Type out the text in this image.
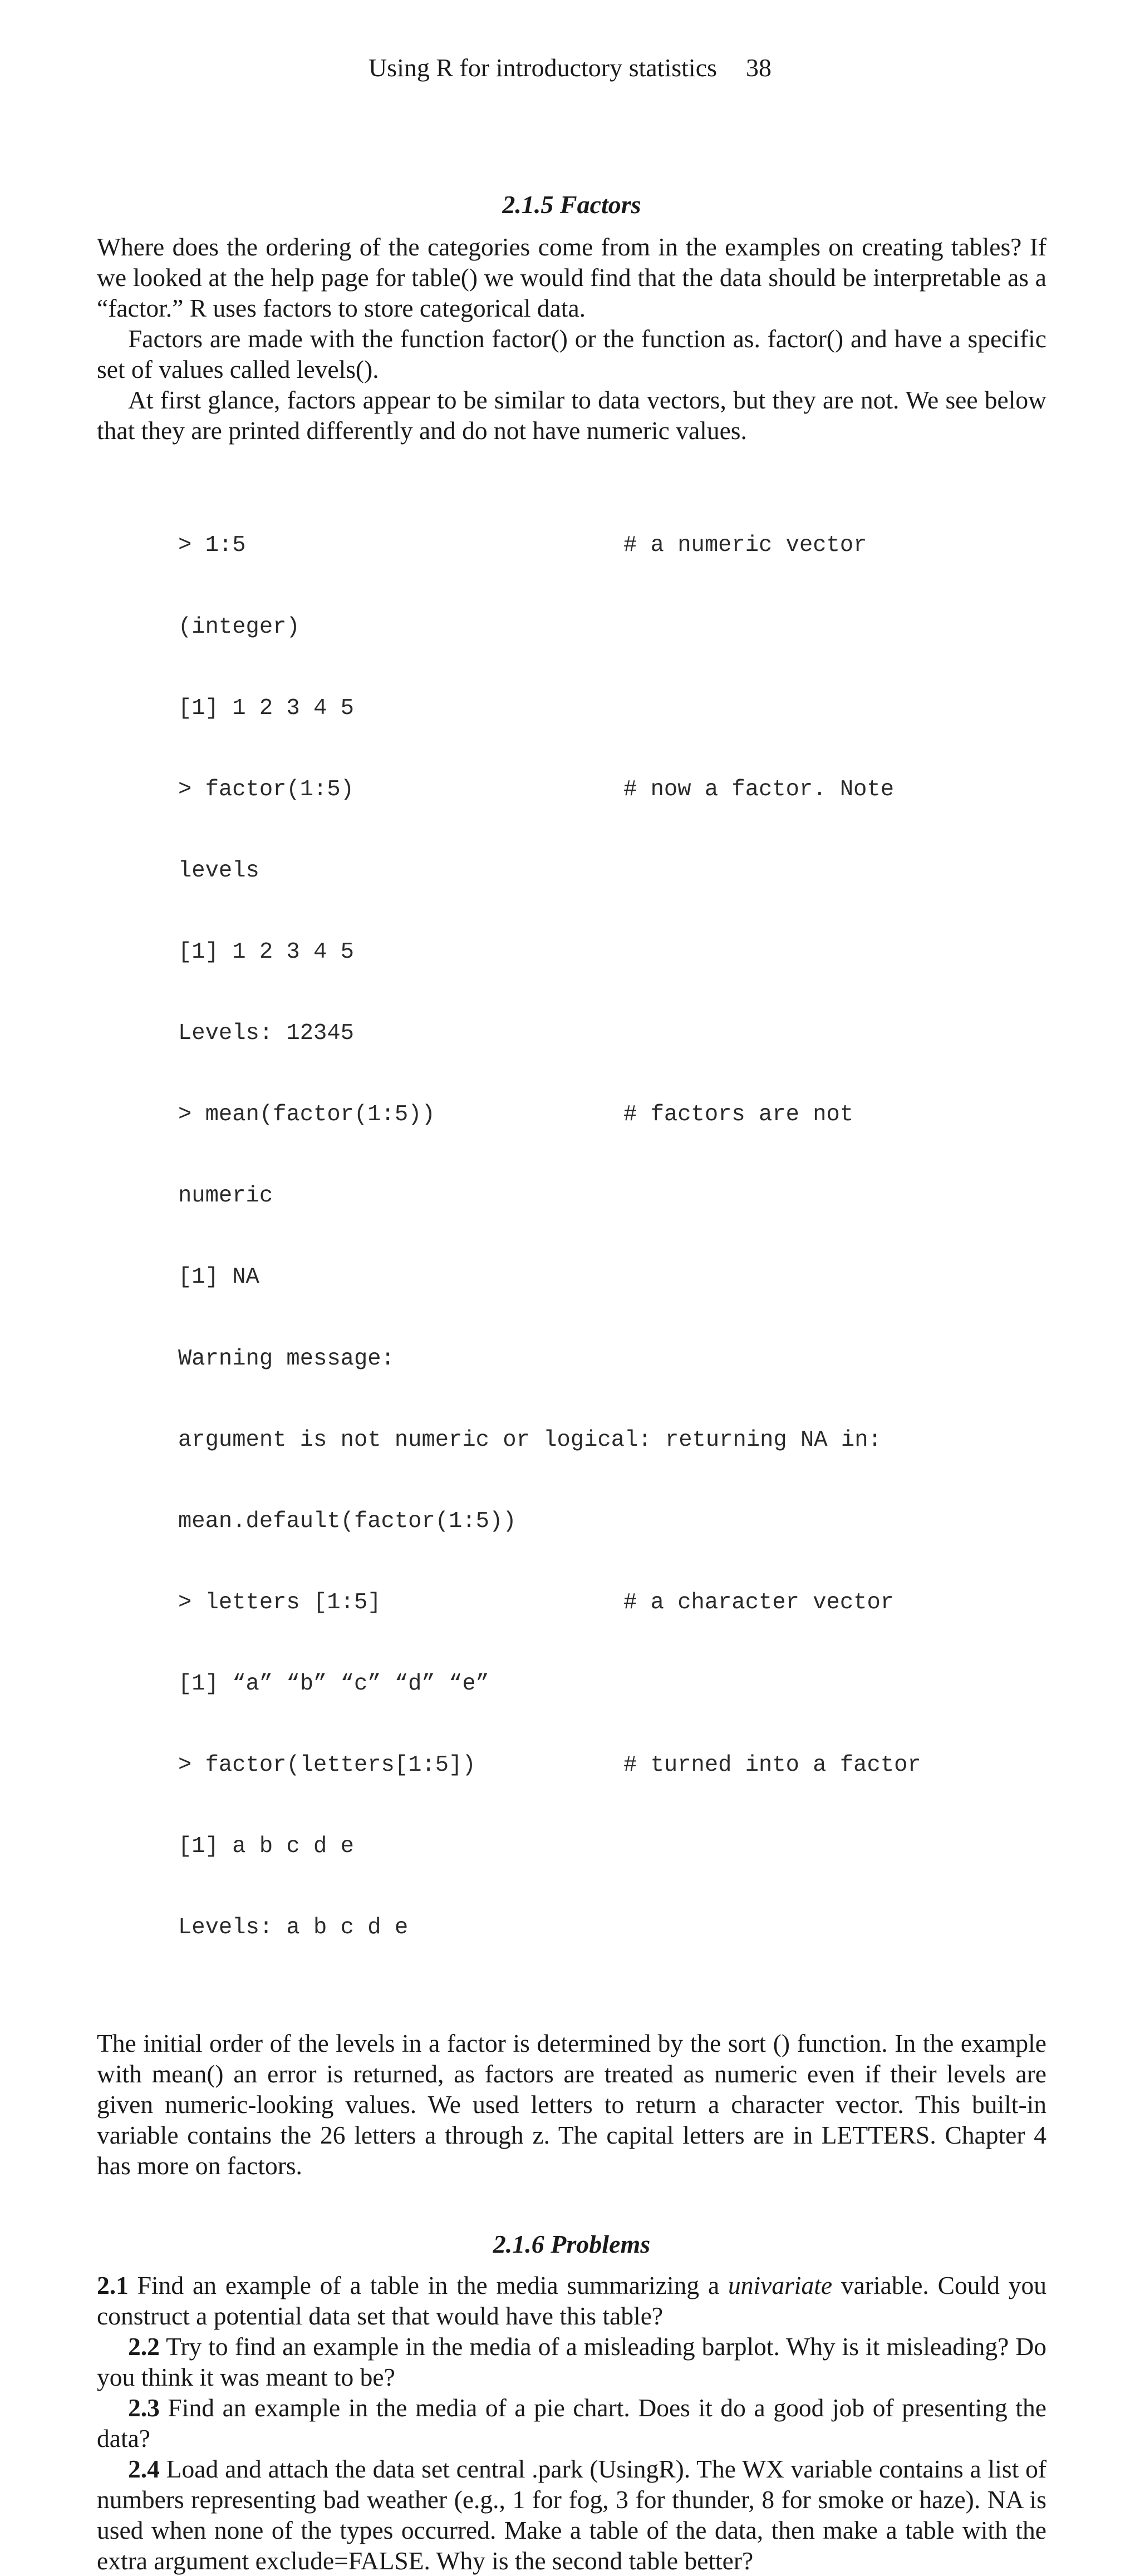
Using R for introductory statistics 38
2.1.5 Factors

Where does the ordering of the categories come from in the examples on creating tables? If we looked at the help page for table() we would find that the data should be interpretable as a “factor.” R uses factors to store categorical data.

Factors are made with the function factor() or the function as. factor() and have a specific set of values called levels().

At first glance, factors appear to be similar to data vectors, but they are not. We see below that they are printed differently and do not have numeric values.

> 1:5	# a numeric vector

(integer)

[1] 1 2 3 4 5

> factor(1:5)	# now a factor. Note

levels

[1] 1 2 3 4 5

Levels: 12345

> mean(factor(1:5))	# factors are not

numeric

[1] NA

Warning message:

argument is not numeric or logical: returning NA in:

mean.default(factor(1:5))

> letters [1:5]	# a character vector

[1] “a” “b” “c” “d” “e”

> factor(letters[1:5])	# turned into a factor

[1] a b c d e

Levels: a b c d e

The initial order of the levels in a factor is determined by the sort () function. In the example with mean() an error is returned, as factors are treated as numeric even if their levels are given numeric-looking values. We used letters to return a character vector. This built-in variable contains the 26 letters a through z. The capital letters are in LETTERS. Chapter 4 has more on factors.

2.1.6 Problems

2.1 Find an example of a table in the media summarizing a univariate variable. Could you construct a potential data set that would have this table?

2.2 Try to find an example in the media of a misleading barplot. Why is it misleading? Do you think it was meant to be?

2.3 Find an example in the media of a pie chart. Does it do a good job of presenting the data?

2.4 Load and attach the data set central .park (UsingR). The WX variable contains a list of numbers representing bad weather (e.g., 1 for fog, 3 for thunder, 8 for smoke or haze). NA is used when none of the types occurred. Make a table of the data, then make a table with the extra argument exclude=FALSE. Why is the second table better?
